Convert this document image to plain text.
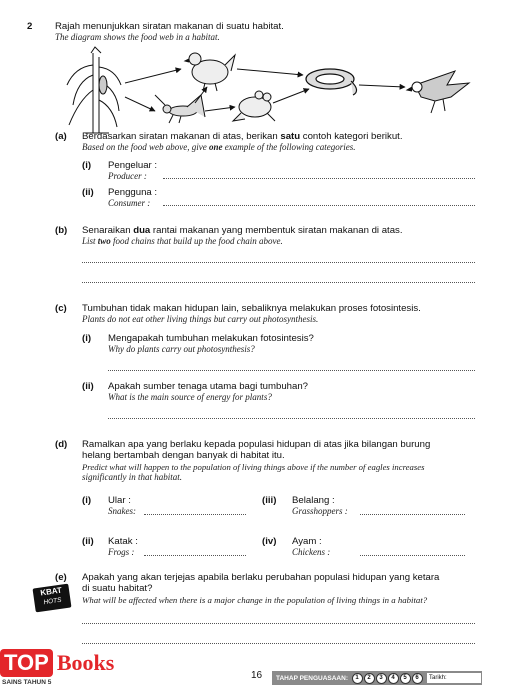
2 Rajah menunjukkan siratan makanan di suatu habitat.
The diagram shows the food web in a habitat.
(a) Berdasarkan siratan makanan di atas, berikan satu contoh kategori berikut.
Based on the food web above, give one example of the following categories.
(i) Pengeluar :
Producer :
(ii) Pengguna :
Consumer :
(b) Senaraikan dua rantai makanan yang membentuk siratan makanan di atas.
List two food chains that build up the food chain above.
(c) Tumbuhan tidak makan hidupan lain, sebaliknya melakukan proses fotosintesis.
Plants do not eat other living things but carry out photosynthesis.
(i) Mengapakah tumbuhan melakukan fotosintesis?
Why do plants carry out photosynthesis?
(ii) Apakah sumber tenaga utama bagi tumbuhan?
What is the main source of energy for plants?
(d) Ramalkan apa yang berlaku kepada populasi hidupan di atas jika bilangan burung
helang bertambah dengan banyak di habitat itu.
Predict what will happen to the population of living things above if the number of eagles increases
significantly in that habitat.
(i) Ular :
Snakes:
(iii) Belalang :
Grasshoppers :
(ii) Katak :
Frogs :
(iv) Ayam :
Chickens :
(e) Apakah yang akan terjejas apabila berlaku perubahan populasi hidupan yang ketara
di suatu habitat?
What will be affected when there is a major change in the population of living things in a habitat?
KBAT
HOTS
TOP Books
SAINS TAHUN 5
16 TAHAP PENGUASAAN:	1	2	3	4	5	6	Tarikh:
